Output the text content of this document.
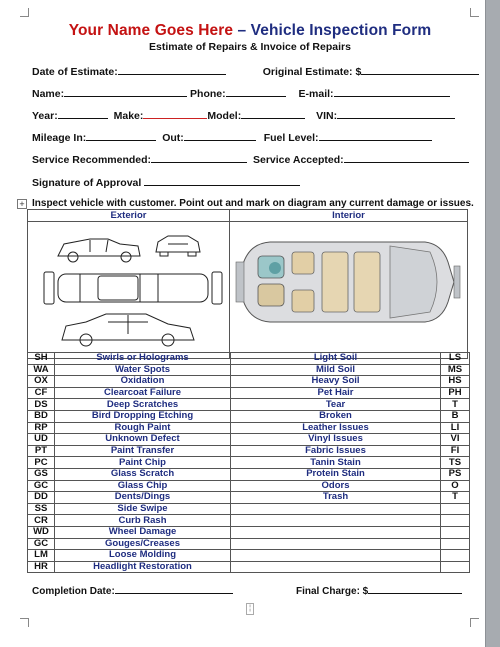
Your Name Goes Here – Vehicle Inspection Form
Estimate of Repairs & Invoice of Repairs
Date of Estimate:	Original Estimate: $
Name:	Phone:	E-mail:
Year:	Make:	Model:	VIN:
Mileage In:	Out:	Fuel Level:
Service Recommended:	Service Accepted:
Signature of Approval
+ Inspect vehicle with customer. Point out and mark on diagram any current damage or issues.
Exterior	Interior

SH	Swirls or Holograms	Light Soil	LS
WA	Water Spots	Mild Soil	MS
OX	Oxidation	Heavy Soil	HS
CF	Clearcoat Failure	Pet Hair	PH
DS	Deep Scratches	Tear	T
BD	Bird Dropping Etching	Broken	B
RP	Rough Paint	Leather Issues	LI
UD	Unknown Defect	Vinyl Issues	VI
PT	Paint Transfer	Fabric Issues	FI
PC	Paint Chip	Tanin Stain	TS
GS	Glass Scratch	Protein Stain	PS
GC	Glass Chip	Odors	O
DD	Dents/Dings	Trash	T
SS	Side Swipe		
CR	Curb Rash		
WD	Wheel Damage		
GC	Gouges/Creases		
LM	Loose Molding		
HR	Headlight Restoration		
Completion Date:	Final Charge: $
¦
